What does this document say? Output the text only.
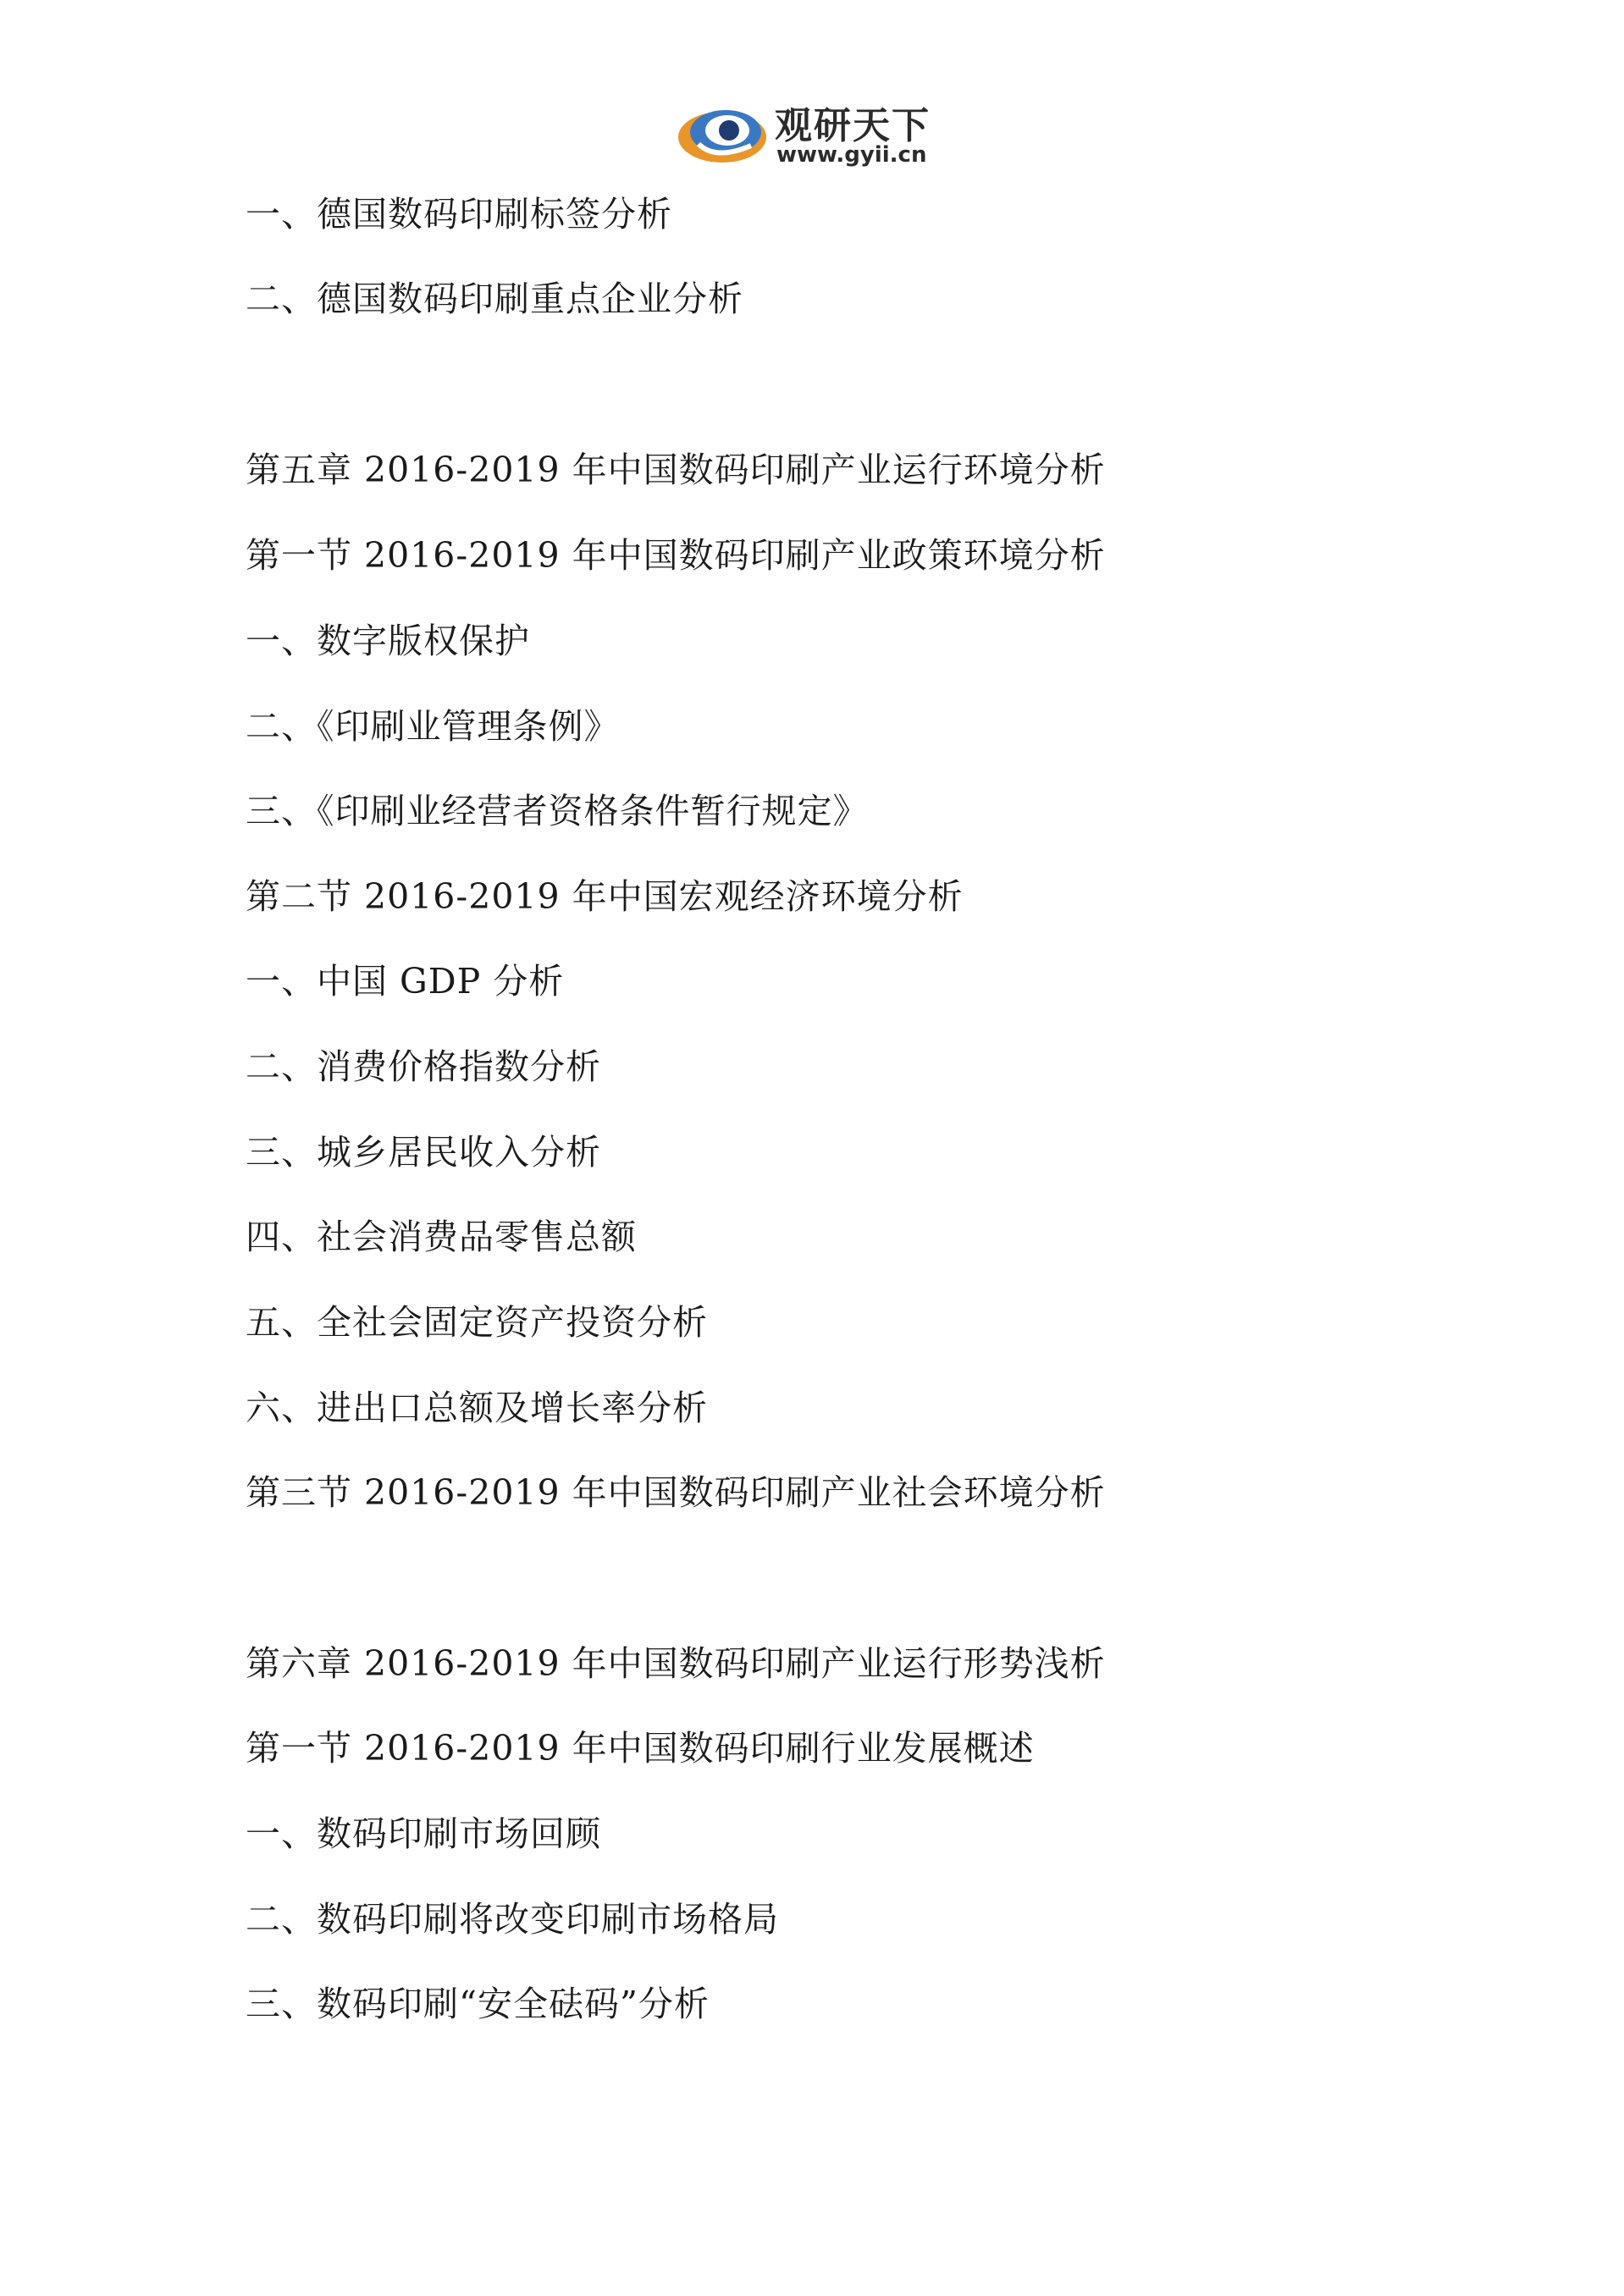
观研天下
www.gyii.cn
一、德国数码印刷标签分析
二、德国数码印刷重点企业分析
第五章 2016-2019 年中国数码印刷产业运行环境分析
第一节 2016-2019 年中国数码印刷产业政策环境分析
一、数字版权保护
二、《印刷业管理条例》
三、《印刷业经营者资格条件暂行规定》
第二节 2016-2019 年中国宏观经济环境分析
一、中国 GDP 分析
二、消费价格指数分析
三、城乡居民收入分析
四、社会消费品零售总额
五、全社会固定资产投资分析
六、进出口总额及增长率分析
第三节 2016-2019 年中国数码印刷产业社会环境分析
第六章 2016-2019 年中国数码印刷产业运行形势浅析
第一节 2016-2019 年中国数码印刷行业发展概述
一、数码印刷市场回顾
二、数码印刷将改变印刷市场格局
三、数码印刷“安全砝码”分析
